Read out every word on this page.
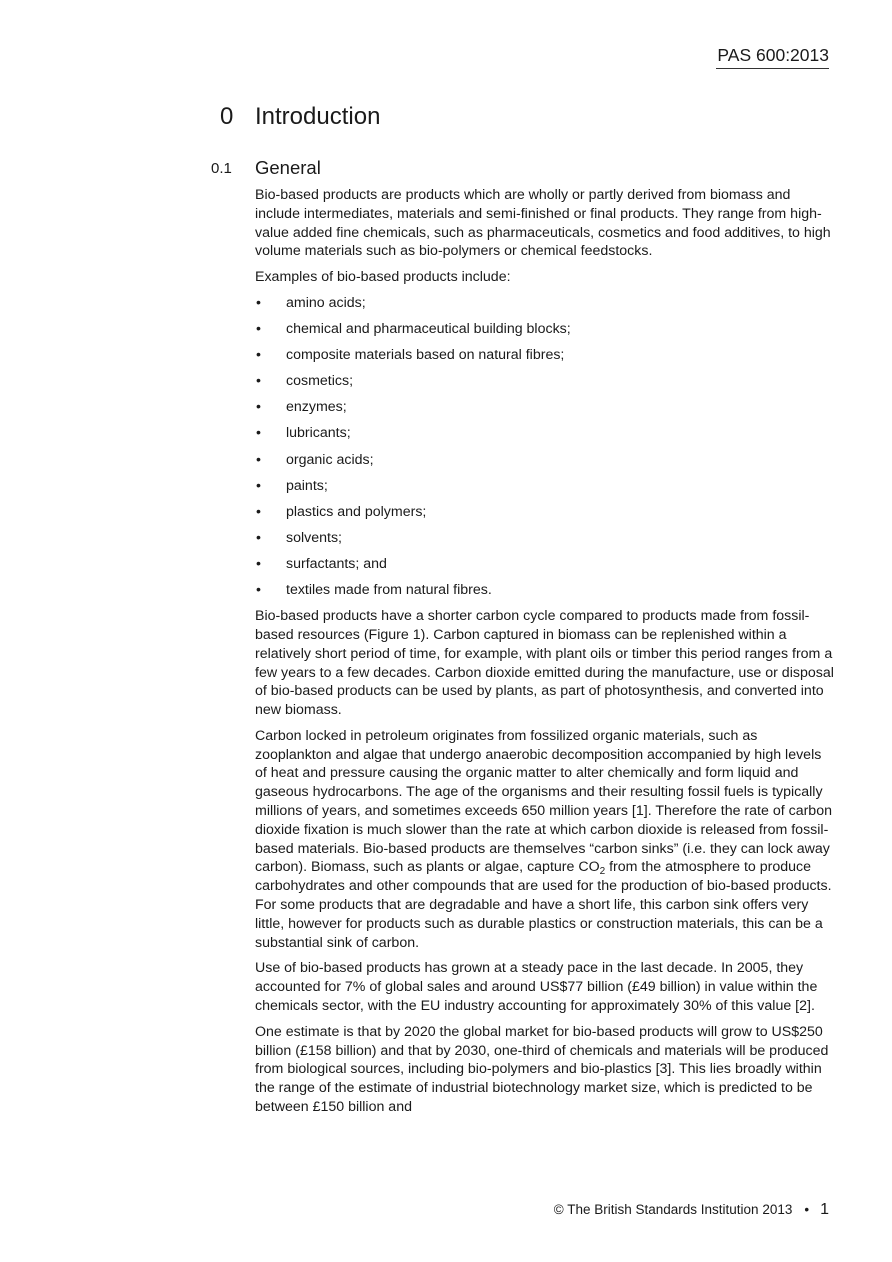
PAS 600:2013
0 Introduction
0.1 General

Bio-based products are products which are wholly or partly derived from biomass and include intermediates, materials and semi-finished or final products. They range from high-value added fine chemicals, such as pharmaceuticals, cosmetics and food additives, to high volume materials such as bio-polymers or chemical feedstocks.

Examples of bio-based products include:

• amino acids;
• chemical and pharmaceutical building blocks;
• composite materials based on natural fibres;
• cosmetics;
• enzymes;
• lubricants;
• organic acids;
• paints;
• plastics and polymers;
• solvents;
• surfactants; and
• textiles made from natural fibres.

Bio-based products have a shorter carbon cycle compared to products made from fossil-based resources (Figure 1). Carbon captured in biomass can be replenished within a relatively short period of time, for example, with plant oils or timber this period ranges from a few years to a few decades. Carbon dioxide emitted during the manufacture, use or disposal of bio-based products can be used by plants, as part of photosynthesis, and converted into new biomass.

Carbon locked in petroleum originates from fossilized organic materials, such as zooplankton and algae that undergo anaerobic decomposition accompanied by high levels of heat and pressure causing the organic matter to alter chemically and form liquid and gaseous hydrocarbons. The age of the organisms and their resulting fossil fuels is typically millions of years, and sometimes exceeds 650 million years [1]. Therefore the rate of carbon dioxide fixation is much slower than the rate at which carbon dioxide is released from fossil-based materials. Bio-based products are themselves “carbon sinks” (i.e. they can lock away carbon). Biomass, such as plants or algae, capture $CO_2$ from the atmosphere to produce carbohydrates and other compounds that are used for the production of bio-based products. For some products that are degradable and have a short life, this carbon sink offers very little, however for products such as durable plastics or construction materials, this can be a substantial sink of carbon.

Use of bio-based products has grown at a steady pace in the last decade. In 2005, they accounted for 7% of global sales and around US$77 billion (£49 billion) in value within the chemicals sector, with the EU industry accounting for approximately 30% of this value [2].

One estimate is that by 2020 the global market for bio-based products will grow to US$250 billion (£158 billion) and that by 2030, one-third of chemicals and materials will be produced from biological sources, including bio-polymers and bio-plastics [3]. This lies broadly within the range of the estimate of industrial biotechnology market size, which is predicted to be between £150 billion and

© The British Standards Institution 2013 • 1
